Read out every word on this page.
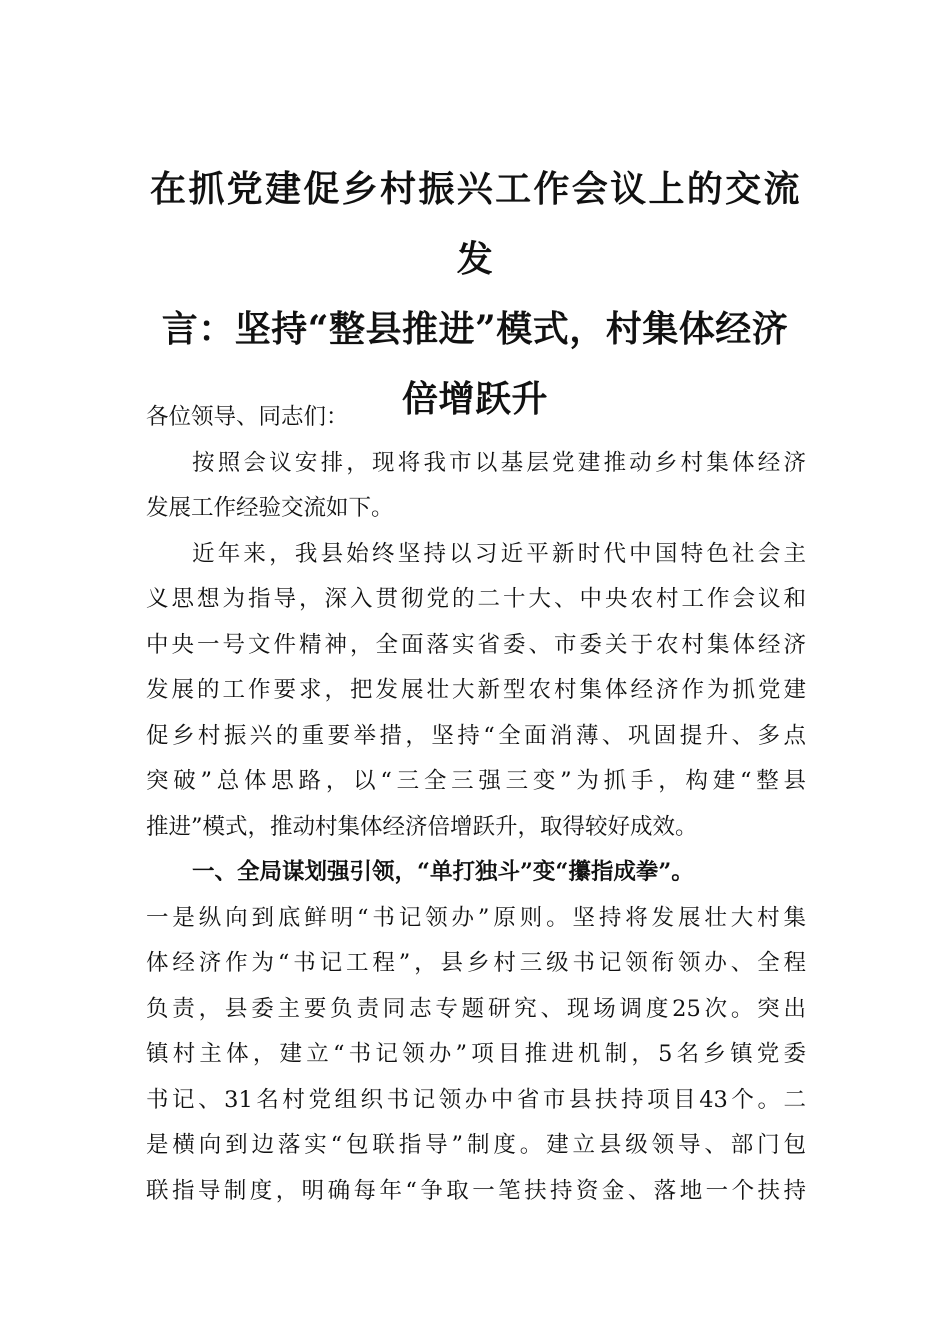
在抓党建促乡村振兴工作会议上的交流发
言：坚持“整县推进”模式，村集体经济
倍增跃升
各位领导、同志们：
按照会议安排，现将我市以基层党建推动乡村集体经济
发展工作经验交流如下。
近年来，我县始终坚持以习近平新时代中国特色社会主
义思想为指导，深入贯彻党的二十大、中央农村工作会议和
中央一号文件精神，全面落实省委、市委关于农村集体经济
发展的工作要求，把发展壮大新型农村集体经济作为抓党建
促乡村振兴的重要举措，坚持“全面消薄、巩固提升、多点
突破”总体思路，以“三全三强三变”为抓手，构建“整县
推进”模式，推动村集体经济倍增跃升，取得较好成效。
一、全局谋划强引领，“单打独斗”变“攥指成拳”。
一是纵向到底鲜明“书记领办”原则。坚持将发展壮大村集
体经济作为“书记工程”，县乡村三级书记领衔领办、全程
负责，县委主要负责同志专题研究、现场调度25次。突出
镇村主体，建立“书记领办”项目推进机制，5名乡镇党委
书记、31名村党组织书记领办中省市县扶持项目43个。二
是横向到边落实“包联指导”制度。建立县级领导、部门包
联指导制度，明确每年“争取一笔扶持资金、落地一个扶持
